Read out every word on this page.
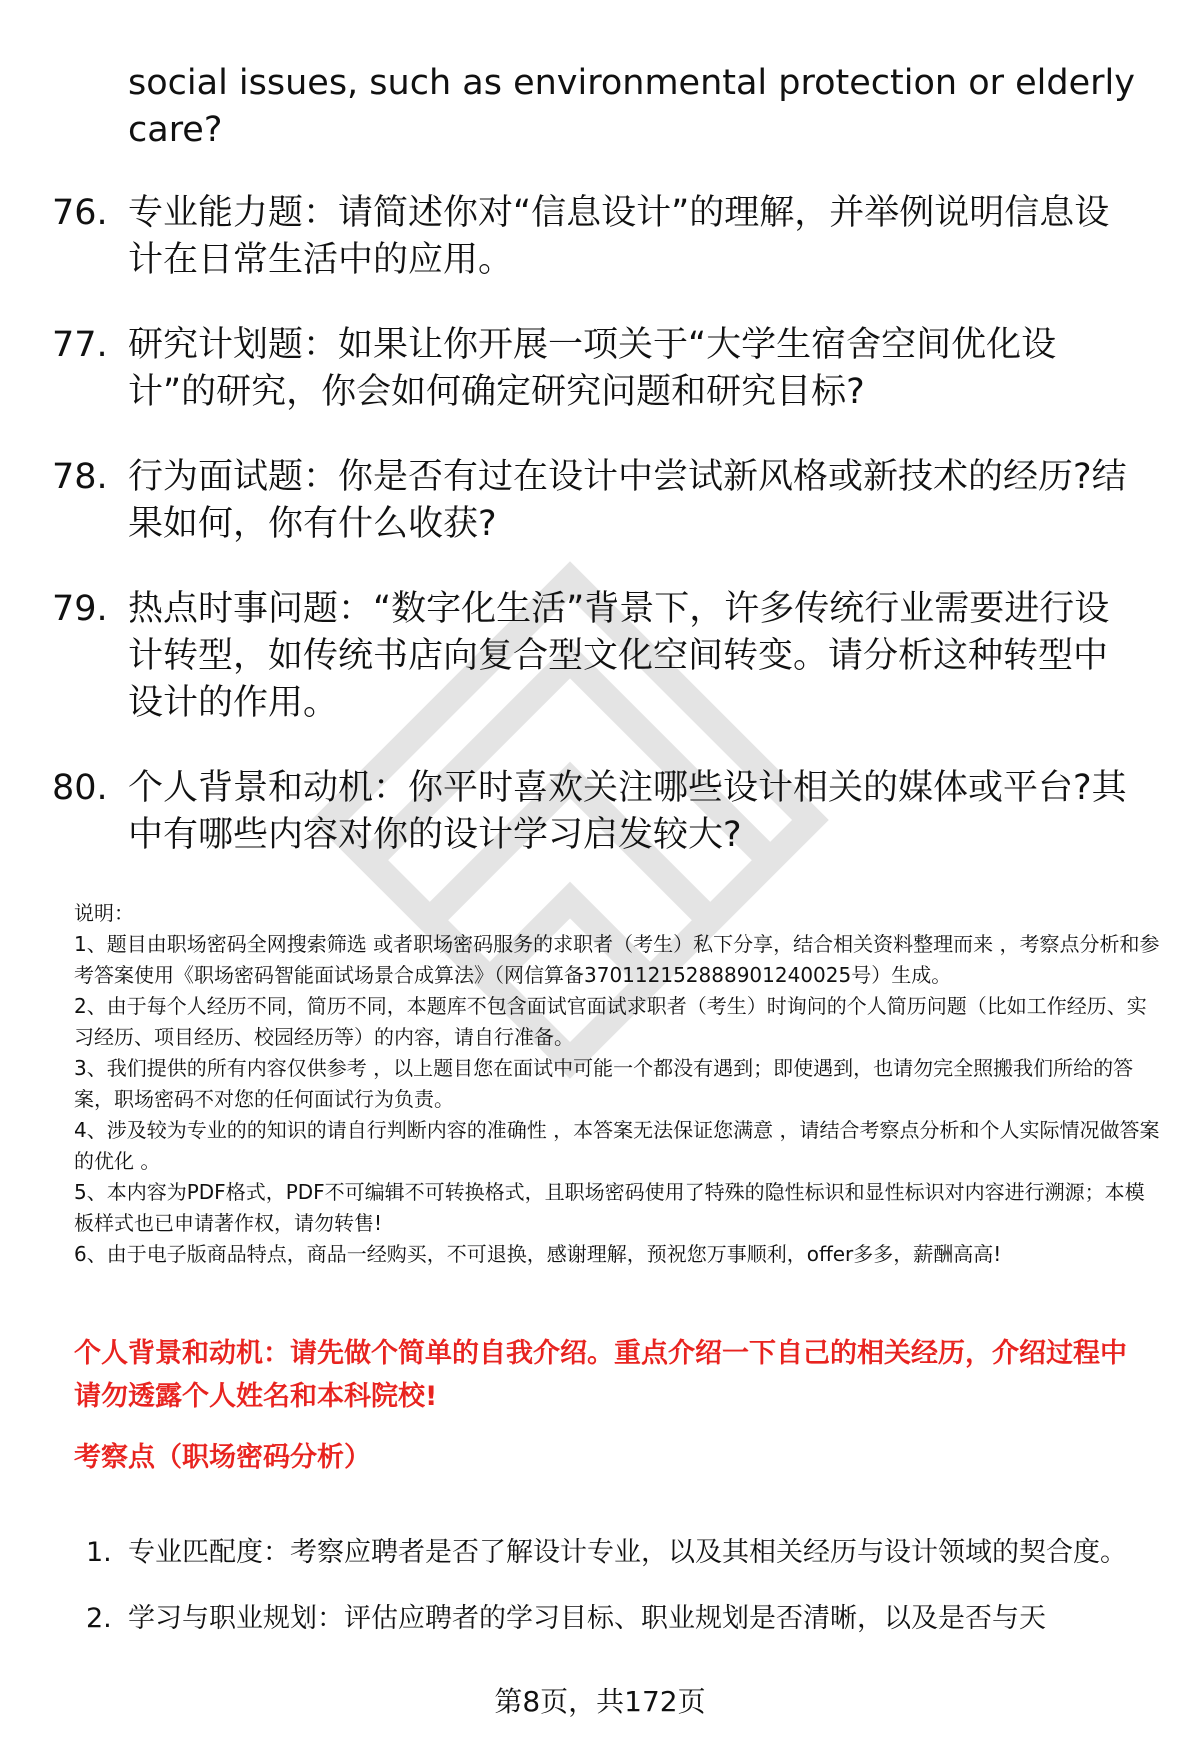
social issues, such as environmental protection or elderly care?
76. 专业能力题：请简述你对“信息设计”的理解，并举例说明信息设计在日常生活中的应用。
77. 研究计划题：如果让你开展一项关于“大学生宿舍空间优化设计”的研究，你会如何确定研究问题和研究目标?
78. 行为面试题：你是否有过在设计中尝试新风格或新技术的经历?结果如何，你有什么收获?
79. 热点时事问题：“数字化生活”背景下，许多传统行业需要进行设计转型，如传统书店向复合型文化空间转变。请分析这种转型中设计的作用。
80. 个人背景和动机：你平时喜欢关注哪些设计相关的媒体或平台?其中有哪些内容对你的设计学习启发较大?

说明：

1、题目由职场密码全网搜索筛选 或者职场密码服务的求职者（考生）私下分享，结合相关资料整理而来 ，考察点分析和参考答案使用《职场密码智能面试场景合成算法》（网信算备370112152888901240025号）生成。

2、由于每个人经历不同，简历不同，本题库不包含面试官面试求职者（考生）时询问的个人简历问题（比如工作经历、实习经历、项目经历、校园经历等）的内容，请自行准备。

3、我们提供的所有内容仅供参考 ，以上题目您在面试中可能一个都没有遇到；即使遇到，也请勿完全照搬我们所给的答案，职场密码不对您的任何面试行为负责。

4、涉及较为专业的的知识的请自行判断内容的准确性 ，本答案无法保证您满意 ，请结合考察点分析和个人实际情况做答案的优化 。

5、本内容为PDF格式，PDF不可编辑不可转换格式，且职场密码使用了特殊的隐性标识和显性标识对内容进行溯源；本模板样式也已申请著作权，请勿转售!

6、由于电子版商品特点，商品一经购买，不可退换，感谢理解，预祝您万事顺利，offer多多，薪酬高高!

个人背景和动机：请先做个简单的自我介绍。重点介绍一下自己的相关经历，介绍过程中请勿透露个人姓名和本科院校!
考察点（职场密码分析）
1. 专业匹配度：考察应聘者是否了解设计专业，以及其相关经历与设计领域的契合度。
2. 学习与职业规划：评估应聘者的学习目标、职业规划是否清晰，以及是否与天
第8页，共172页
